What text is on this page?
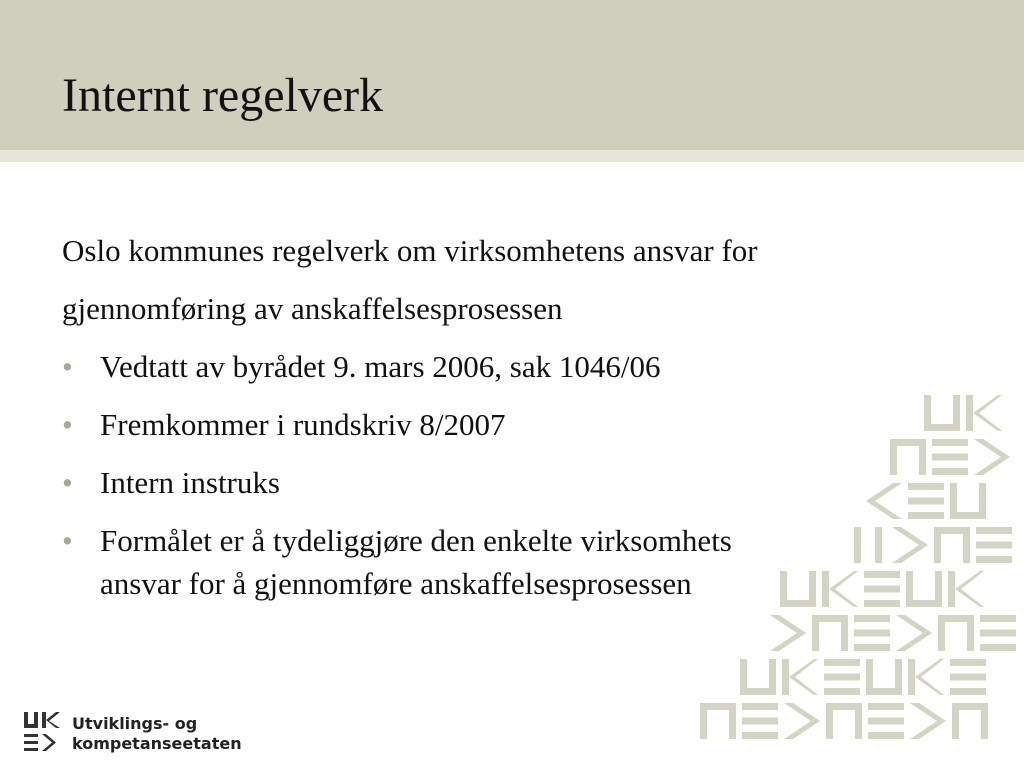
Internt regelverk

Oslo kommunes regelverk om virksomhetens ansvar for
gjennomføring av anskaffelsesprosessen

• Vedtatt av byrådet 9. mars 2006, sak 1046/06
• Fremkommer i rundskriv 8/2007
• Intern instruks
• Formålet er å tydeliggjøre den enkelte virksomhets
ansvar for å gjennomføre anskaffelsesprosessen
Utviklings- og
kompetanseetaten
